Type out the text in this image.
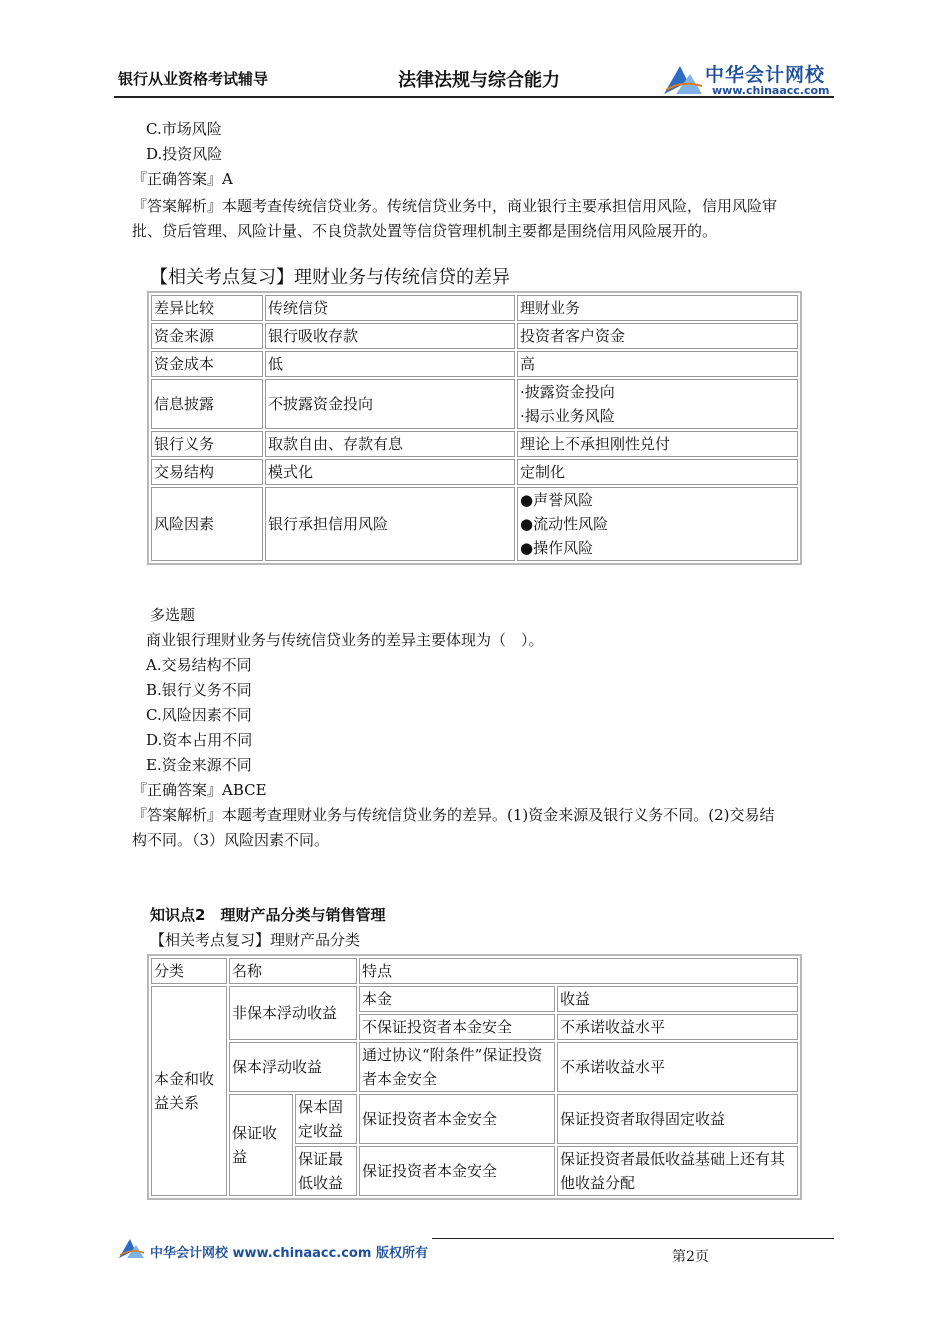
银行从业资格考试辅导	法律法规与综合能力	中华会计网校
www.chinaacc.com
C.市场风险
D.投资风险
『正确答案』A
『答案解析』本题考查传统信贷业务。传统信贷业务中，商业银行主要承担信用风险，信用风险审
批、贷后管理、风险计量、不良贷款处置等信贷管理机制主要都是围绕信用风险展开的。
【相关考点复习】理财业务与传统信贷的差异
差异比较	传统信贷	理财业务
资金来源	银行吸收存款	投资者客户资金
资金成本	低	高
信息披露	不披露资金投向	·披露资金投向
·揭示业务风险

银行义务	取款自由、存款有息	理论上不承担刚性兑付
交易结构	模式化	定制化
风险因素	银行承担信用风险	●声誉风险
●流动性风险
●操作风险
多选题
商业银行理财业务与传统信贷业务的差异主要体现为（　）。
A.交易结构不同
B.银行义务不同
C.风险因素不同
D.资本占用不同
E.资金来源不同
『正确答案』ABCE
『答案解析』本题考查理财业务与传统信贷业务的差异。(1)资金来源及银行义务不同。(2)交易结
构不同。（3）风险因素不同。
知识点2　理财产品分类与销售管理
【相关考点复习】理财产品分类
分类	名称		特点	
本金和收益关系	非保本浮动收益		本金	收益
			不保证投资者本金安全	不承诺收益水平
	保本浮动收益		通过协议“附条件”保证投资者本金安全	不承诺收益水平
	保证收益	保本固定收益	保证投资者本金安全	保证投资者取得固定收益
		保证最低收益	保证投资者本金安全	保证投资者最低收益基础上还有其他收益分配
中华会计网校 www.chinaacc.com 版权所有	第2页
